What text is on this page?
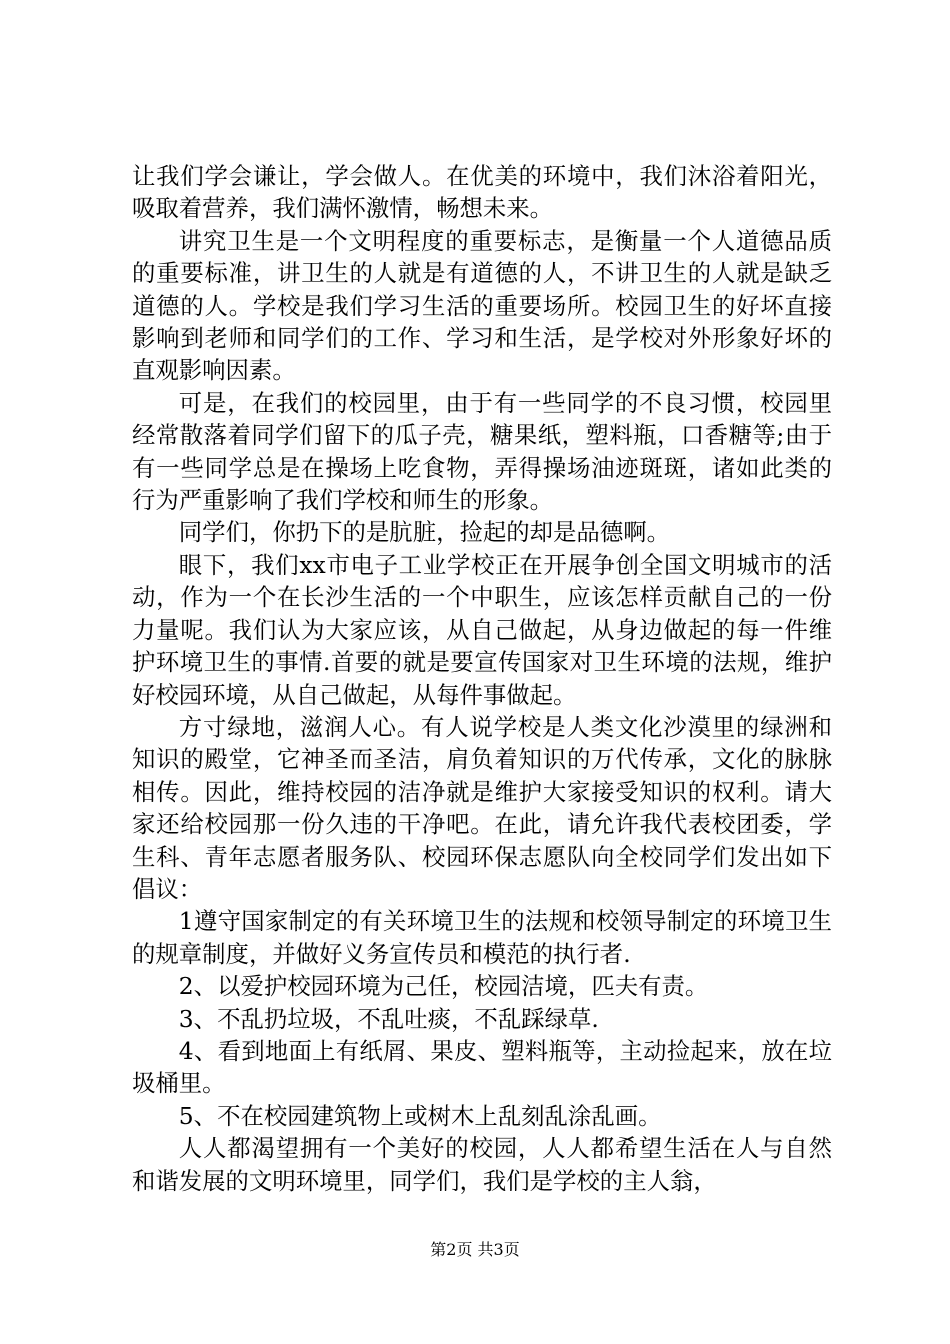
让我们学会谦让，学会做人。在优美的环境中，我们沐浴着阳光，吸取着营养，我们满怀激情，畅想未来。

讲究卫生是一个文明程度的重要标志，是衡量一个人道德品质的重要标准，讲卫生的人就是有道德的人，不讲卫生的人就是缺乏道德的人。学校是我们学习生活的重要场所。校园卫生的好坏直接影响到老师和同学们的工作、学习和生活，是学校对外形象好坏的直观影响因素。

可是，在我们的校园里，由于有一些同学的不良习惯，校园里经常散落着同学们留下的瓜子壳，糖果纸，塑料瓶，口香糖等;由于有一些同学总是在操场上吃食物，弄得操场油迹斑斑，诸如此类的行为严重影响了我们学校和师生的形象。

同学们，你扔下的是肮脏，捡起的却是品德啊。

眼下，我们xx市电子工业学校正在开展争创全国文明城市的活动，作为一个在长沙生活的一个中职生，应该怎样贡献自己的一份力量呢。我们认为大家应该，从自己做起，从身边做起的每一件维护环境卫生的事情.首要的就是要宣传国家对卫生环境的法规，维护好校园环境，从自己做起，从每件事做起。

方寸绿地，滋润人心。有人说学校是人类文化沙漠里的绿洲和知识的殿堂，它神圣而圣洁，肩负着知识的万代传承，文化的脉脉相传。因此，维持校园的洁净就是维护大家接受知识的权利。请大家还给校园那一份久违的干净吧。在此，请允许我代表校团委，学生科、青年志愿者服务队、校园环保志愿队向全校同学们发出如下倡议：

1遵守国家制定的有关环境卫生的法规和校领导制定的环境卫生的规章制度，并做好义务宣传员和模范的执行者.

2、以爱护校园环境为己任，校园洁境，匹夫有责。

3、不乱扔垃圾，不乱吐痰，不乱踩绿草.

4、看到地面上有纸屑、果皮、塑料瓶等，主动捡起来，放在垃圾桶里。

5、不在校园建筑物上或树木上乱刻乱涂乱画。

人人都渴望拥有一个美好的校园，人人都希望生活在人与自然和谐发展的文明环境里，同学们，我们是学校的主人翁，

第2页 共3页
